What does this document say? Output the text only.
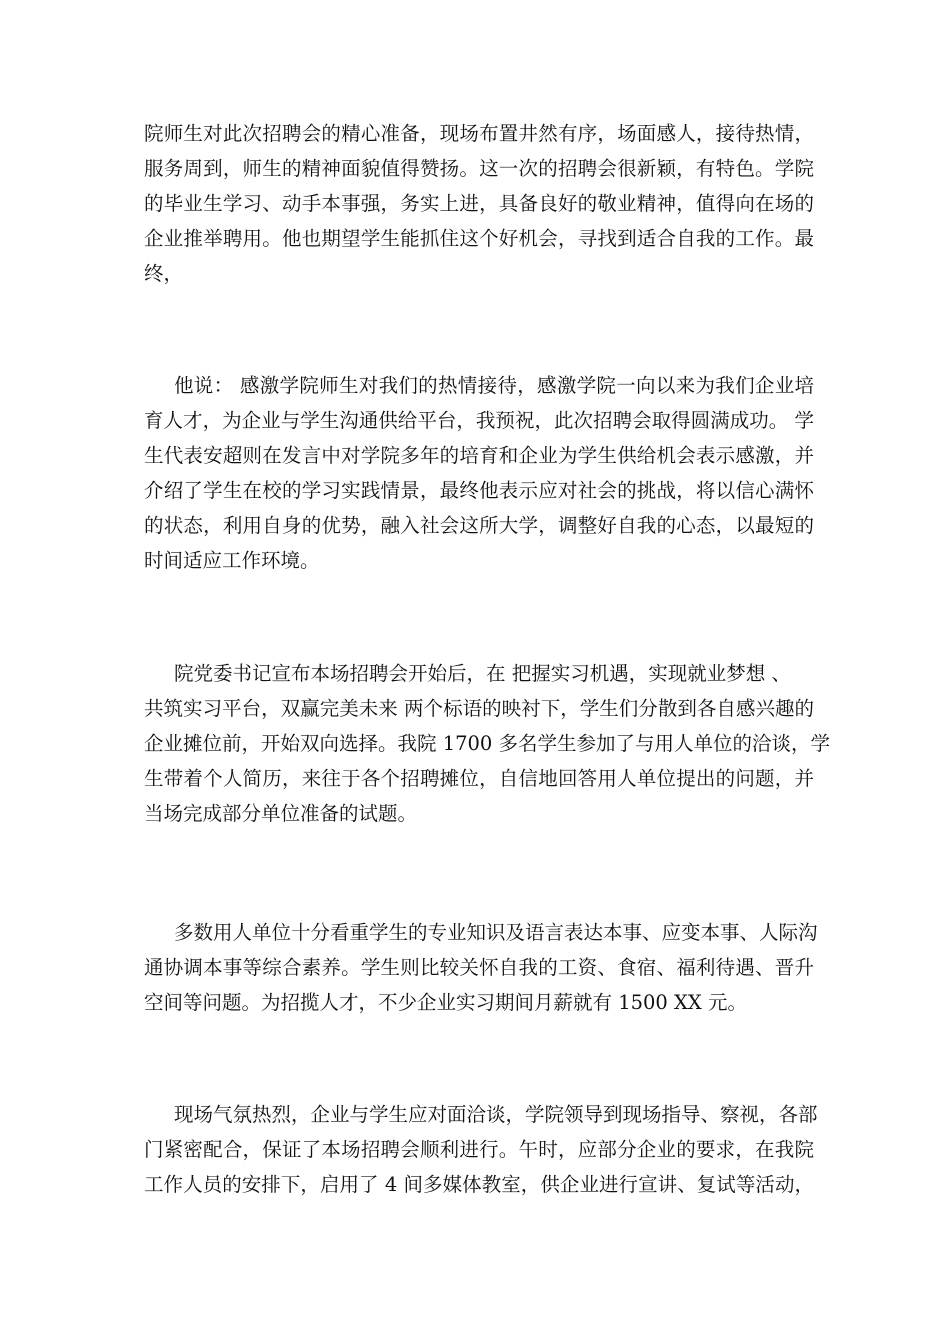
院师生对此次招聘会的精心准备，现场布置井然有序，场面感人，接待热情，
服务周到，师生的精神面貌值得赞扬。这一次的招聘会很新颖，有特色。学院
的毕业生学习、动手本事强，务实上进，具备良好的敬业精神，值得向在场的
企业推举聘用。他也期望学生能抓住这个好机会，寻找到适合自我的工作。最
终，
他说： 感激学院师生对我们的热情接待，感激学院一向以来为我们企业培
育人才，为企业与学生沟通供给平台，我预祝，此次招聘会取得圆满成功。 学
生代表安超则在发言中对学院多年的培育和企业为学生供给机会表示感激，并
介绍了学生在校的学习实践情景，最终他表示应对社会的挑战，将以信心满怀
的状态，利用自身的优势，融入社会这所大学，调整好自我的心态，以最短的
时间适应工作环境。
院党委书记宣布本场招聘会开始后，在 把握实习机遇，实现就业梦想 、
共筑实习平台，双赢完美未来 两个标语的映衬下，学生们分散到各自感兴趣的
企业摊位前，开始双向选择。我院 1700 多名学生参加了与用人单位的洽谈，学
生带着个人简历，来往于各个招聘摊位，自信地回答用人单位提出的问题，并
当场完成部分单位准备的试题。
多数用人单位十分看重学生的专业知识及语言表达本事、应变本事、人际沟
通协调本事等综合素养。学生则比较关怀自我的工资、食宿、福利待遇、晋升
空间等问题。为招揽人才，不少企业实习期间月薪就有 1500 XX 元。
现场气氛热烈，企业与学生应对面洽谈，学院领导到现场指导、察视，各部
门紧密配合，保证了本场招聘会顺利进行。午时，应部分企业的要求，在我院
工作人员的安排下，启用了 4 间多媒体教室，供企业进行宣讲、复试等活动，
